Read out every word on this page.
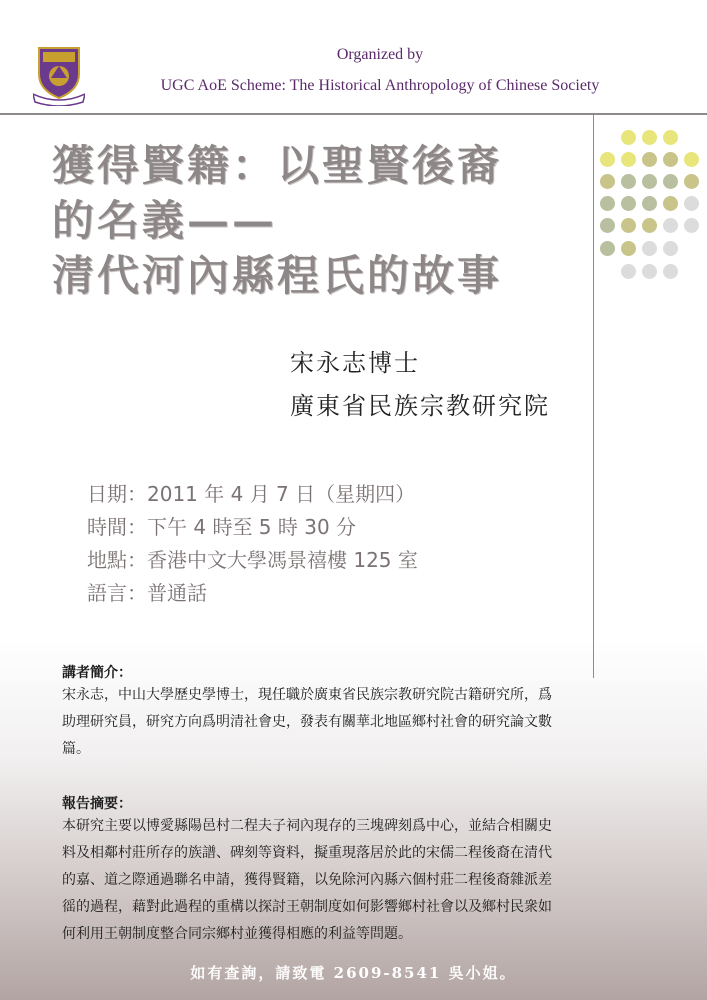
Organized by
UGC AoE Scheme: The Historical Anthropology of Chinese Society
獲得賢籍：以聖賢後裔
的名義——
清代河內縣程氏的故事
宋永志博士
廣東省民族宗教研究院
日期：2011 年 4 月 7 日（星期四）
時間：下午 4 時至 5 時 30 分
地點：香港中文大學馮景禧樓 125 室
語言：普通話
講者簡介：
宋永志，中山大學歷史學博士，現任職於廣東省民族宗教研究院古籍研究所，爲
助理研究員，研究方向爲明清社會史，發表有關華北地區鄉村社會的研究論文數
篇。
報告摘要：
本研究主要以博愛縣陽邑村二程夫子祠內現存的三塊碑刻爲中心，並結合相關史
料及相鄰村莊所存的族譜、碑刻等資料，擬重現落居於此的宋儒二程後裔在清代
的嘉、道之際通過聯名申請，獲得賢籍，以免除河內縣六個村莊二程後裔雜派差
徭的過程，藉對此過程的重構以探討王朝制度如何影響鄉村社會以及鄉村民衆如
何利用王朝制度整合同宗鄉村並獲得相應的利益等問題。
如有查詢，請致電 2609-8541 吳小姐。
